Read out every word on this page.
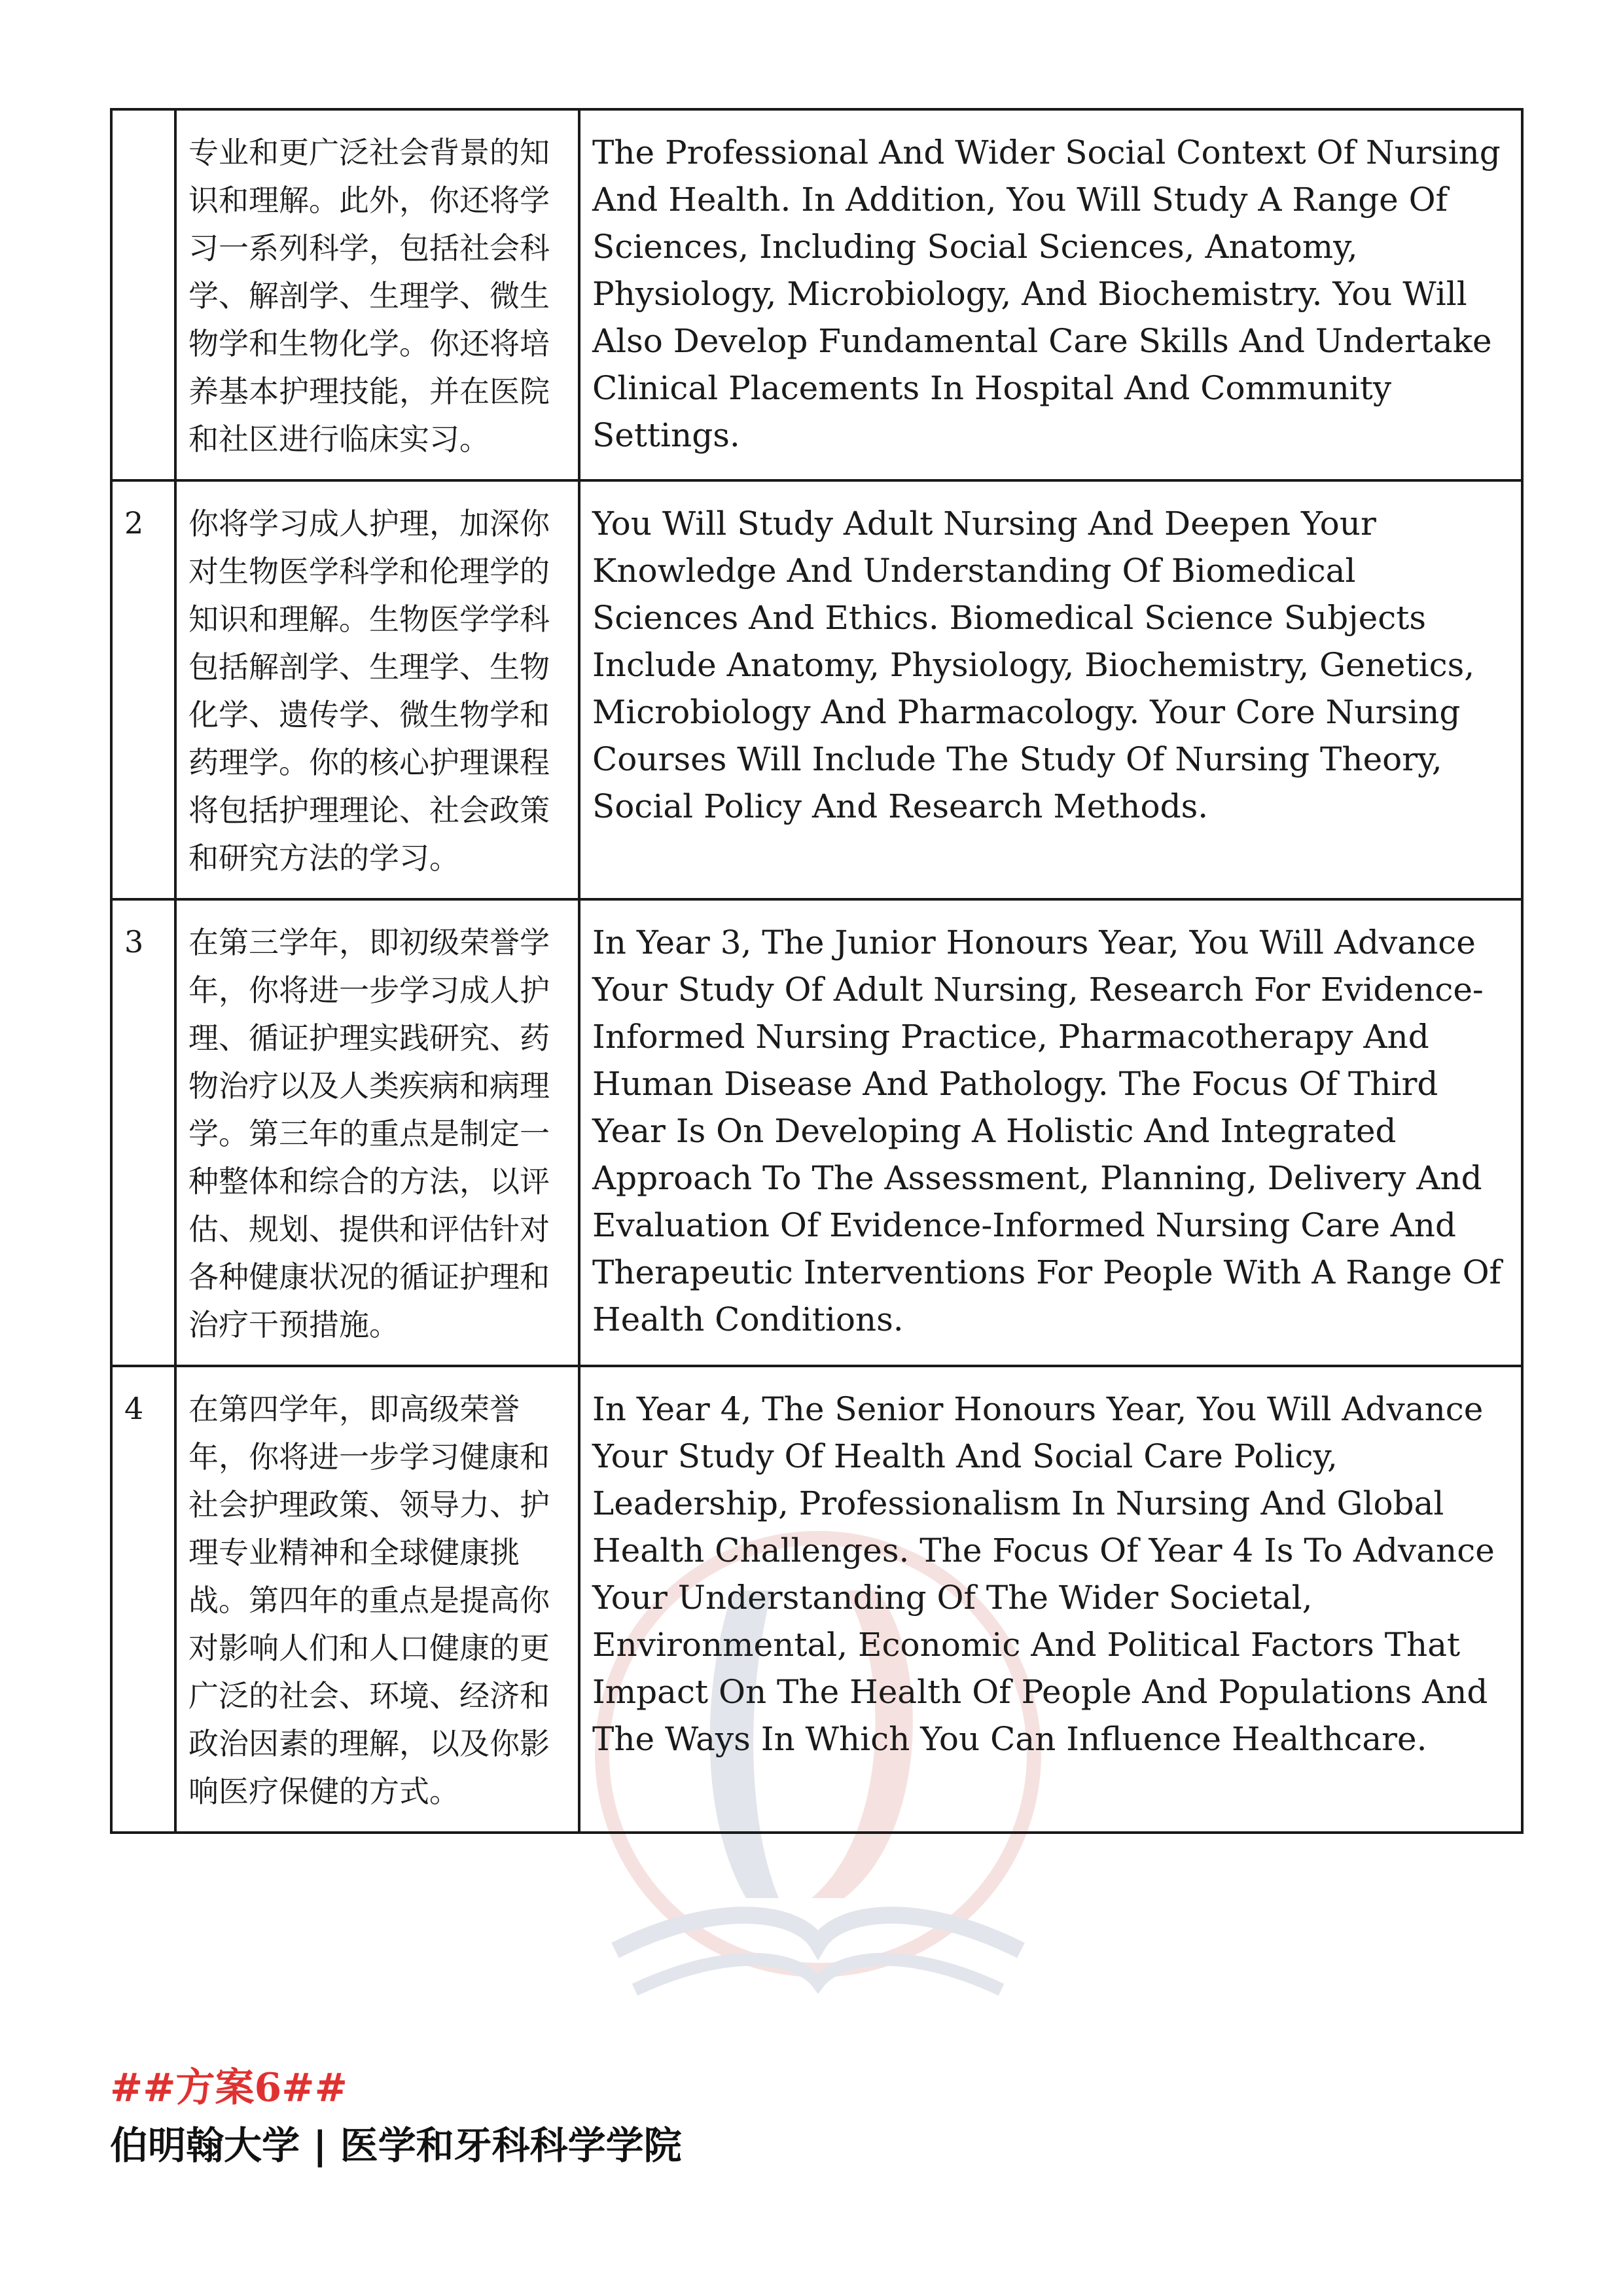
	专业和更广泛社会背景的知识和理解。此外，你还将学习一系列科学，包括社会科学、解剖学、生理学、微生物学和生物化学。你还将培养基本护理技能，并在医院和社区进行临床实习。	The Professional And Wider Social Context Of Nursing And Health. In Addition, You Will Study A Range Of Sciences, Including Social Sciences, Anatomy, Physiology, Microbiology, And Biochemistry. You Will Also Develop Fundamental Care Skills And Undertake Clinical Placements In Hospital And Community Settings.
2	你将学习成人护理，加深你对生物医学科学和伦理学的知识和理解。生物医学学科包括解剖学、生理学、生物化学、遗传学、微生物学和药理学。你的核心护理课程将包括护理理论、社会政策和研究方法的学习。	You Will Study Adult Nursing And Deepen Your Knowledge And Understanding Of Biomedical Sciences And Ethics. Biomedical Science Subjects Include Anatomy, Physiology, Biochemistry, Genetics, Microbiology And Pharmacology. Your Core Nursing Courses Will Include The Study Of Nursing Theory, Social Policy And Research Methods.
3	在第三学年，即初级荣誉学年，你将进一步学习成人护理、循证护理实践研究、药物治疗以及人类疾病和病理学。第三年的重点是制定一种整体和综合的方法，以评估、规划、提供和评估针对各种健康状况的循证护理和治疗干预措施。	In Year 3, The Junior Honours Year, You Will Advance Your Study Of Adult Nursing, Research For Evidence-Informed Nursing Practice, Pharmacotherapy And Human Disease And Pathology. The Focus Of Third Year Is On Developing A Holistic And Integrated Approach To The Assessment, Planning, Delivery And Evaluation Of Evidence-Informed Nursing Care And Therapeutic Interventions For People With A Range Of Health Conditions.
4	在第四学年，即高级荣誉年，你将进一步学习健康和社会护理政策、领导力、护理专业精神和全球健康挑战。第四年的重点是提高你对影响人们和人口健康的更广泛的社会、环境、经济和政治因素的理解，以及你影响医疗保健的方式。	In Year 4, The Senior Honours Year, You Will Advance Your Study Of Health And Social Care Policy, Leadership, Professionalism In Nursing And Global Health Challenges. The Focus Of Year 4 Is To Advance Your Understanding Of The Wider Societal, Environmental, Economic And Political Factors That Impact On The Health Of People And Populations And The Ways In Which You Can Influence Healthcare.
##方案6##
伯明翰大学 | 医学和牙科科学学院
